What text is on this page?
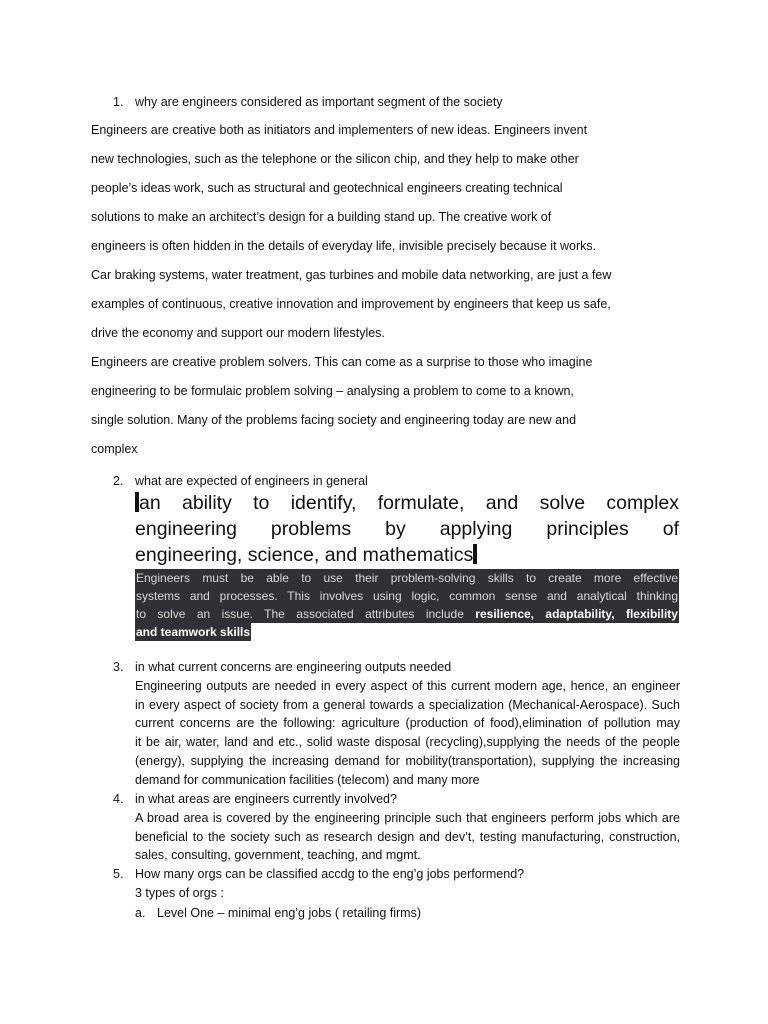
1. why are engineers considered as important segment of the society
Engineers are creative both as initiators and implementers of new ideas. Engineers invent
new technologies, such as the telephone or the silicon chip, and they help to make other
people’s ideas work, such as structural and geotechnical engineers creating technical
solutions to make an architect’s design for a building stand up. The creative work of
engineers is often hidden in the details of everyday life, invisible precisely because it works.
Car braking systems, water treatment, gas turbines and mobile data networking, are just a few
examples of continuous, creative innovation and improvement by engineers that keep us safe,
drive the economy and support our modern lifestyles.
Engineers are creative problem solvers. This can come as a surprise to those who imagine
engineering to be formulaic problem solving – analysing a problem to come to a known,
single solution. Many of the problems facing society and engineering today are new and
complex
2. what are expected of engineers in general
an ability to identify, formulate, and solve complex
engineering problems by applying principles of
engineering, science, and mathematics
Engineers must be able to use their problem-solving skills to create more effective
systems and processes. This involves using logic, common sense and analytical thinking
to solve an issue. The associated attributes include resilience, adaptability, flexibility
and teamwork skills
3. in what current concerns are engineering outputs needed
Engineering outputs are needed in every aspect of this current modern age, hence, an engineer
in every aspect of society from a general towards a specialization (Mechanical-Aerospace). Such
current concerns are the following: agriculture (production of food),elimination of pollution may
it be air, water, land and etc., solid waste disposal (recycling),supplying the needs of the people
(energy), supplying the increasing demand for mobility(transportation), supplying the increasing
demand for communication facilities (telecom) and many more
4. in what areas are engineers currently involved?
A broad area is covered by the engineering principle such that engineers perform jobs which are
beneficial to the society such as research design and dev’t, testing manufacturing, construction,
sales, consulting, government, teaching, and mgmt.
5. How many orgs can be classified accdg to the eng’g jobs performend?
3 types of orgs :
a. Level One – minimal eng’g jobs ( retailing firms)
